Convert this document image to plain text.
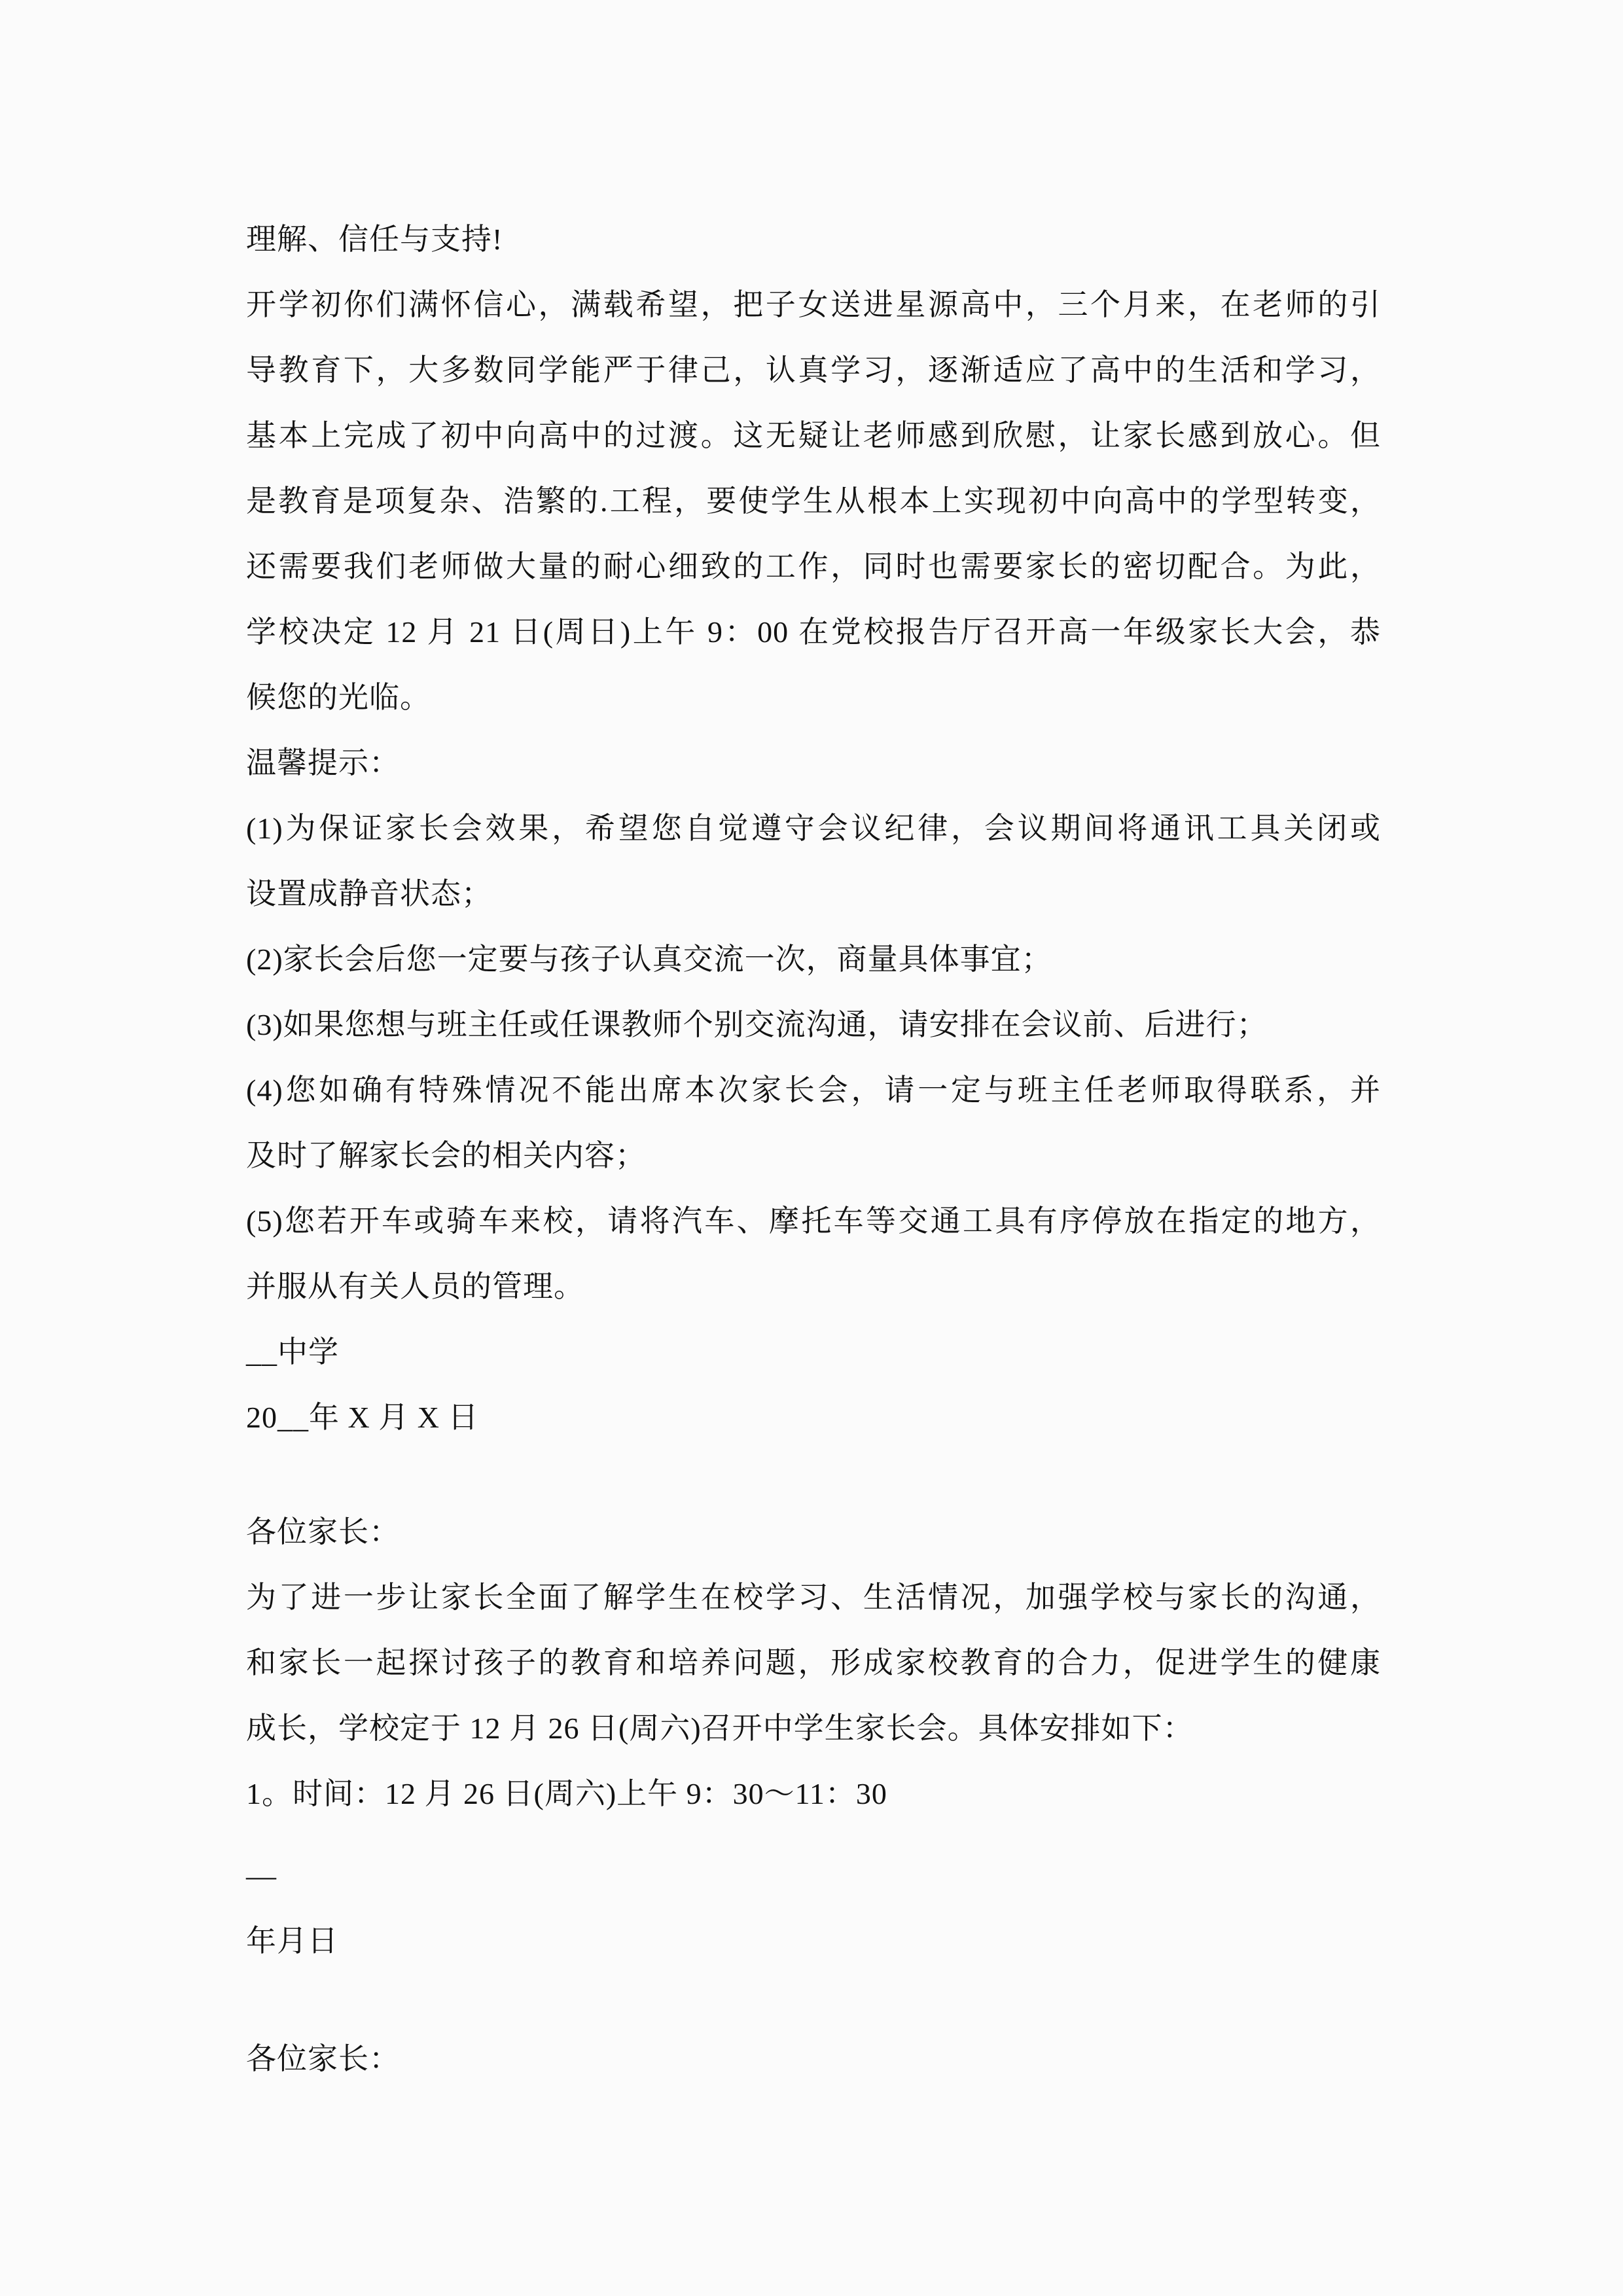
理解、信任与支持!
开学初你们满怀信心，满载希望，把子女送进星源高中，三个月来，在老师的引
导教育下，大多数同学能严于律己，认真学习，逐渐适应了高中的生活和学习，
基本上完成了初中向高中的过渡。这无疑让老师感到欣慰，让家长感到放心。但
是教育是项复杂、浩繁的.工程，要使学生从根本上实现初中向高中的学型转变，
还需要我们老师做大量的耐心细致的工作，同时也需要家长的密切配合。为此，
学校决定 12 月 21 日(周日)上午 9：00 在党校报告厅召开高一年级家长大会，恭
候您的光临。
温馨提示：
(1)为保证家长会效果，希望您自觉遵守会议纪律，会议期间将通讯工具关闭或
设置成静音状态；
(2)家长会后您一定要与孩子认真交流一次，商量具体事宜；
(3)如果您想与班主任或任课教师个别交流沟通，请安排在会议前、后进行；
(4)您如确有特殊情况不能出席本次家长会，请一定与班主任老师取得联系，并
及时了解家长会的相关内容；
(5)您若开车或骑车来校，请将汽车、摩托车等交通工具有序停放在指定的地方，
并服从有关人员的管理。
__中学
20__年 X 月 X 日
各位家长：
为了进一步让家长全面了解学生在校学习、生活情况，加强学校与家长的沟通，
和家长一起探讨孩子的教育和培养问题，形成家校教育的合力，促进学生的健康
成长，学校定于 12 月 26 日(周六)召开中学生家长会。具体安排如下：
1。时间：12 月 26 日(周六)上午 9：30～11：30
—
年月日
各位家长：
